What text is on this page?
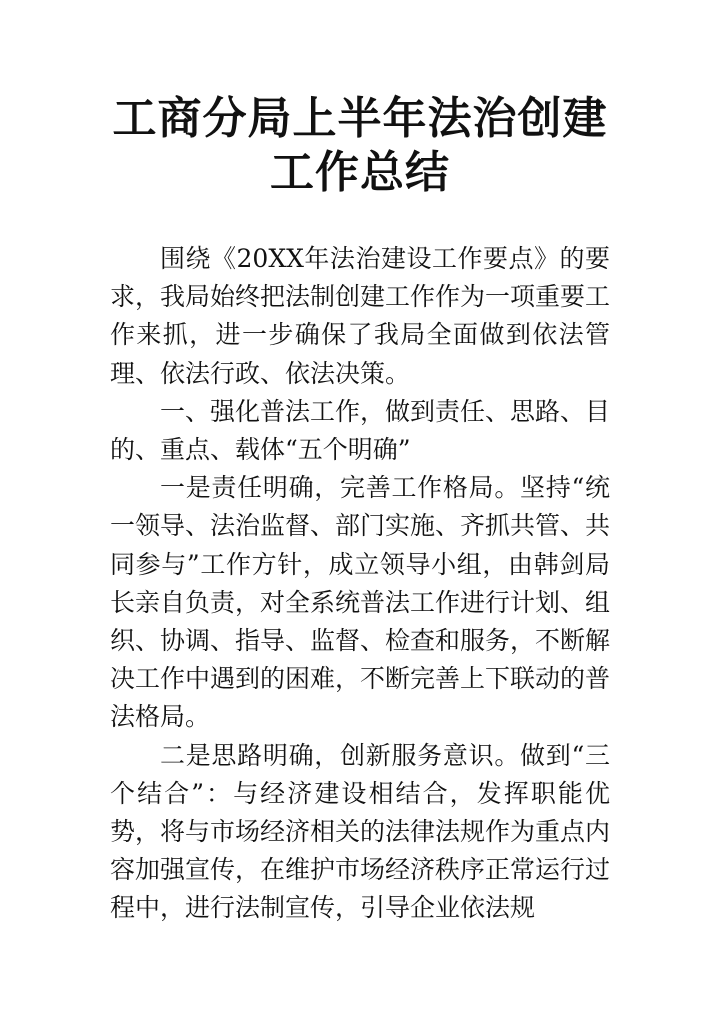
工商分局上半年法治创建
工作总结

围绕《20XX年法治建设工作要点》的要求，我局始终把法制创建工作作为一项重要工作来抓，进一步确保了我局全面做到依法管理、依法行政、依法决策。

一、强化普法工作，做到责任、思路、目的、重点、载体“五个明确”

一是责任明确，完善工作格局。坚持“统一领导、法治监督、部门实施、齐抓共管、共同参与”工作方针，成立领导小组，由韩剑局长亲自负责，对全系统普法工作进行计划、组织、协调、指导、监督、检查和服务，不断解决工作中遇到的困难，不断完善上下联动的普法格局。

二是思路明确，创新服务意识。做到“三个结合”：与经济建设相结合，发挥职能优势，将与市场经济相关的法律法规作为重点内容加强宣传，在维护市场经济秩序正常运行过程中，进行法制宣传，引导企业依法规
